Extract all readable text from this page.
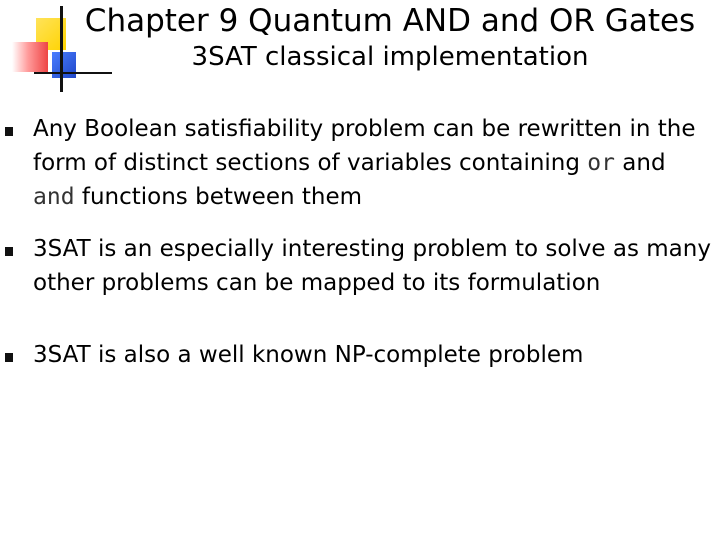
Chapter 9 Quantum AND and OR Gates
3SAT classical implementation
Any Boolean satisfiability problem can be rewritten in the form of distinct sections of variables containing or and and functions between them
3SAT is an especially interesting problem to solve as many other problems can be mapped to its formulation
3SAT is also a well known NP-complete problem
